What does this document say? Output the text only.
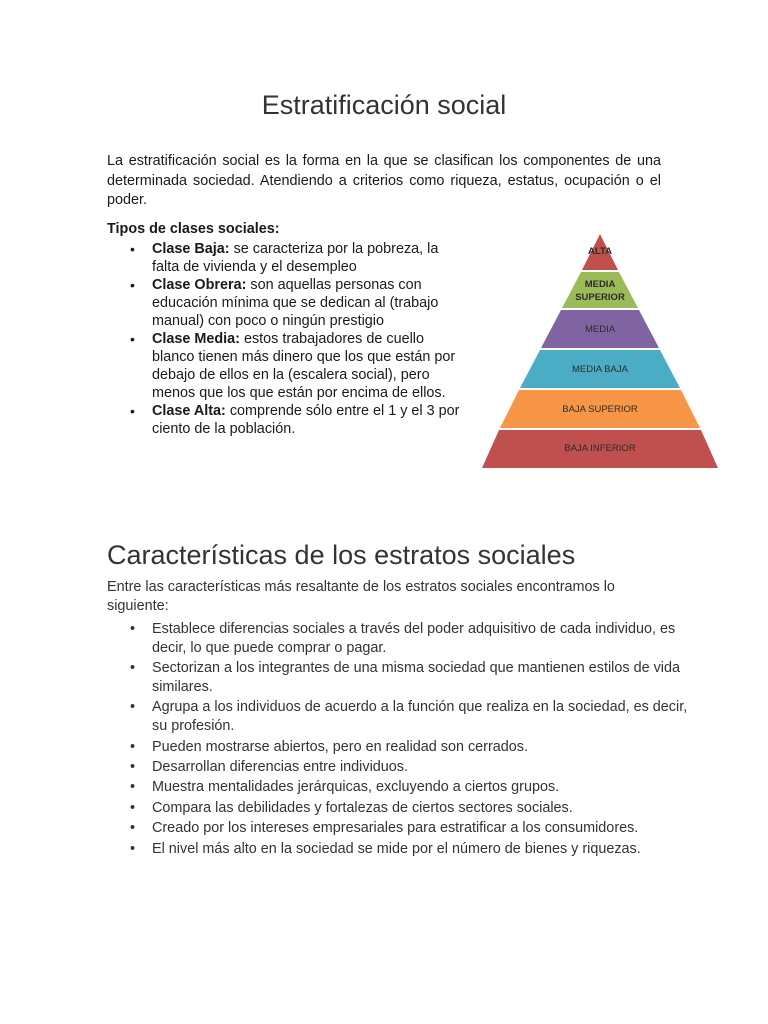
Estratificación social

La estratificación social es la forma en la que se clasifican los componentes de una determinada sociedad. Atendiendo a criterios como riqueza, estatus, ocupación o el poder.

Tipos de clases sociales:

• Clase Baja: se caracteriza por la pobreza, la falta de vivienda y el desempleo
• Clase Obrera: son aquellas personas con educación mínima que se dedican al (trabajo manual) con poco o ningún prestigio
• Clase Media: estos trabajadores de cuello blanco tienen más dinero que los que están por debajo de ellos en la (escalera social), pero menos que los que están por encima de ellos.
• Clase Alta: comprende sólo entre el 1 y el 3 por ciento de la población.
ALTA
MEDIA
SUPERIOR
MEDIA
MEDIA BAJA
BAJA SUPERIOR
BAJA INFERIOR
Características de los estratos sociales

Entre las características más resaltante de los estratos sociales encontramos lo siguiente:

• Establece diferencias sociales a través del poder adquisitivo de cada individuo, es decir, lo que puede comprar o pagar.
• Sectorizan a los integrantes de una misma sociedad que mantienen estilos de vida similares.
• Agrupa a los individuos de acuerdo a la función que realiza en la sociedad, es decir, su profesión.
• Pueden mostrarse abiertos, pero en realidad son cerrados.
• Desarrollan diferencias entre individuos.
• Muestra mentalidades jerárquicas, excluyendo a ciertos grupos.
• Compara las debilidades y fortalezas de ciertos sectores sociales.
• Creado por los intereses empresariales para estratificar a los consumidores.
• El nivel más alto en la sociedad se mide por el número de bienes y riquezas.
